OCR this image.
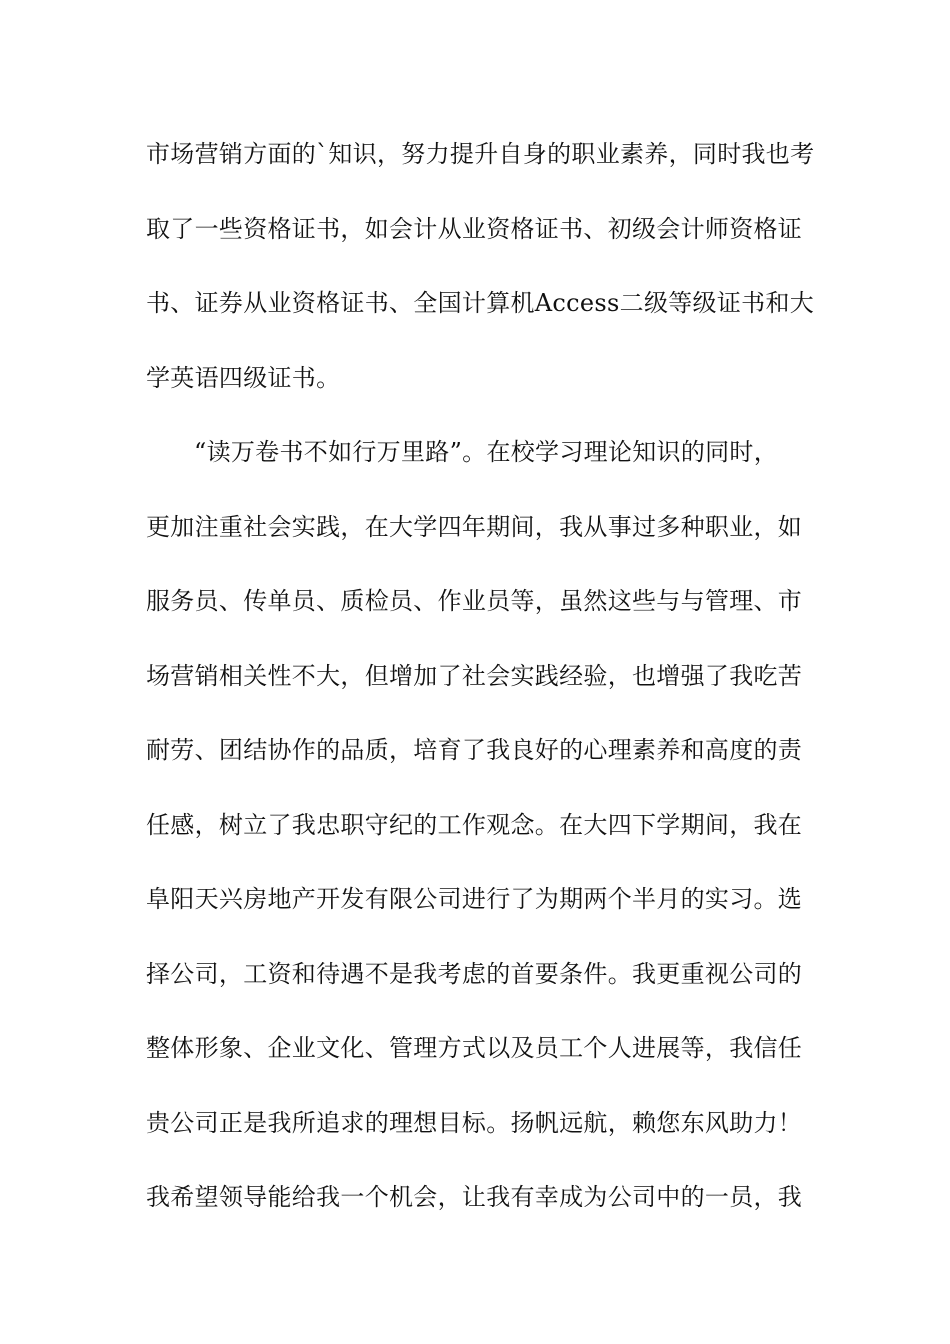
市场营销方面的`知识，努力提升自身的职业素养，同时我也考
取了一些资格证书，如会计从业资格证书、初级会计师资格证
书、证券从业资格证书、全国计算机Access二级等级证书和大
学英语四级证书。
“读万卷书不如行万里路”。在校学习理论知识的同时，
更加注重社会实践，在大学四年期间，我从事过多种职业，如
服务员、传单员、质检员、作业员等，虽然这些与与管理、市
场营销相关性不大，但增加了社会实践经验，也增强了我吃苦
耐劳、团结协作的品质，培育了我良好的心理素养和高度的责
任感，树立了我忠职守纪的工作观念。在大四下学期间，我在
阜阳天兴房地产开发有限公司进行了为期两个半月的实习。选
择公司，工资和待遇不是我考虑的首要条件。我更重视公司的
整体形象、企业文化、管理方式以及员工个人进展等，我信任
贵公司正是我所追求的理想目标。扬帆远航，赖您东风助力！
我希望领导能给我一个机会，让我有幸成为公司中的一员，我
